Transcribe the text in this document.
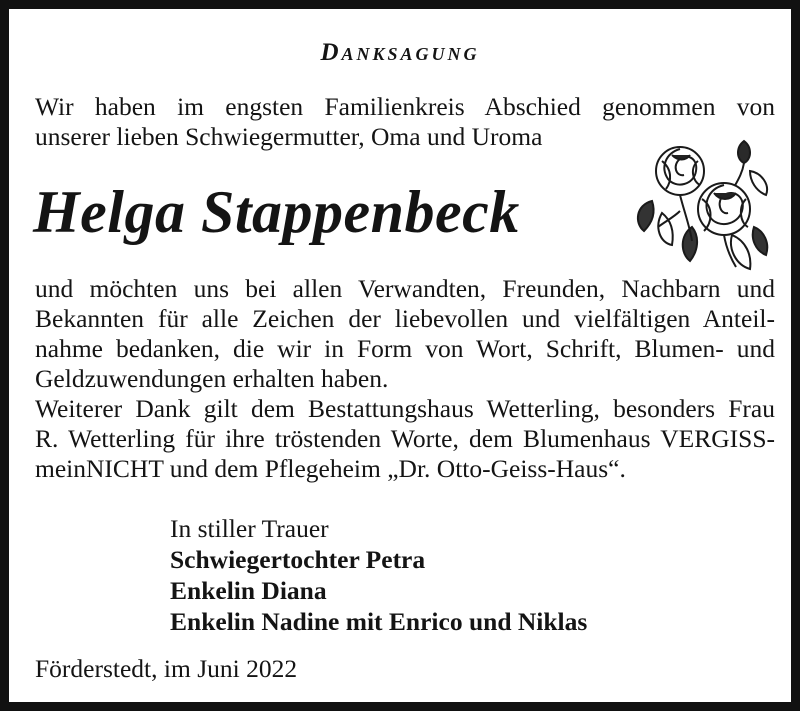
Danksagung
Wir haben im engsten Familienkreis Abschied genommen von
unserer lieben Schwiegermutter, Oma und Uroma
Helga Stappenbeck
und möchten uns bei allen Verwandten, Freunden, Nachbarn und
Bekannten für alle Zeichen der liebevollen und vielfältigen Anteil-
nahme bedanken, die wir in Form von Wort, Schrift, Blumen- und
Geldzuwendungen erhalten haben.
Weiterer Dank gilt dem Bestattungshaus Wetterling, besonders Frau
R. Wetterling für ihre tröstenden Worte, dem Blumenhaus VERGISS-
meinNICHT und dem Pflegeheim „Dr. Otto-Geiss-Haus“.
In stiller Trauer
Schwiegertochter Petra
Enkelin Diana
Enkelin Nadine mit Enrico und Niklas
Förderstedt, im Juni 2022
